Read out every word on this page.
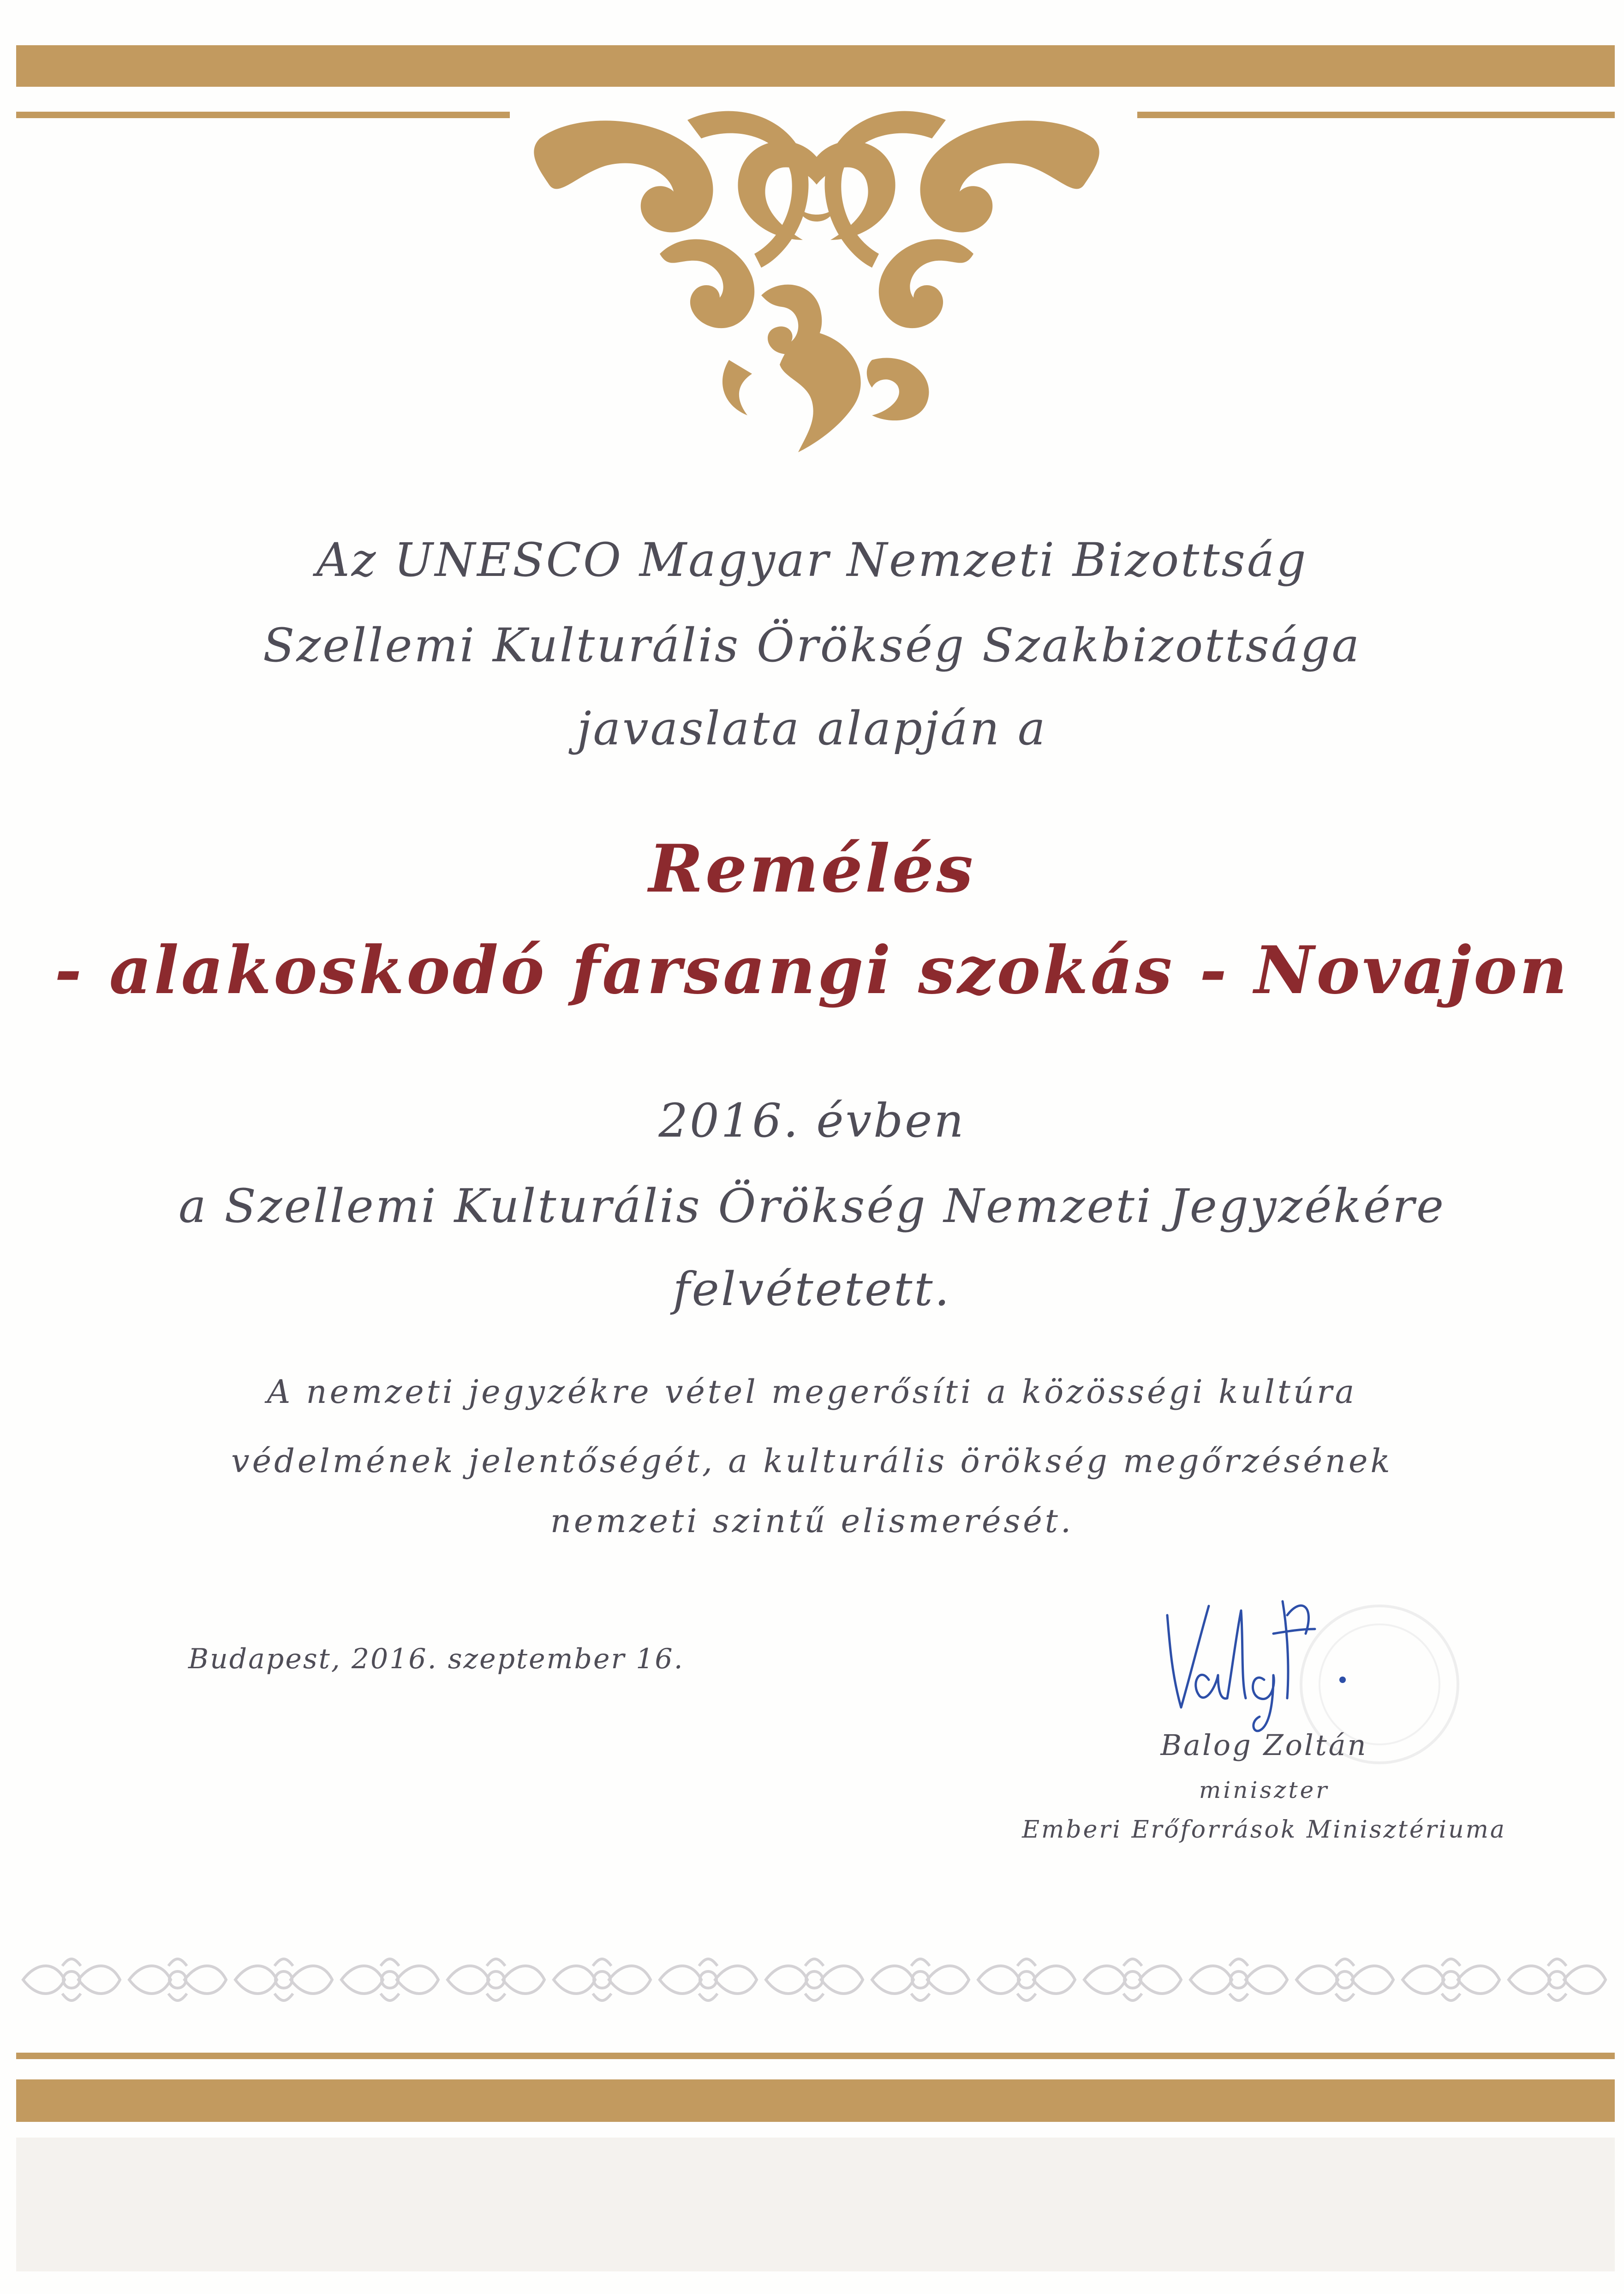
Az UNESCO Magyar Nemzeti Bizottság
Szellemi Kulturális Örökség Szakbizottsága
javaslata alapján a
Remélés
- alakoskodó farsangi szokás - Novajon
2016. évben
a Szellemi Kulturális Örökség Nemzeti Jegyzékére
felvétetett.
A nemzeti jegyzékre vétel megerősíti a közösségi kultúra
védelmének jelentőségét, a kulturális örökség megőrzésének
nemzeti szintű elismerését.
Budapest, 2016. szeptember 16.
Balog Zoltán
miniszter
Emberi Erőforrások Minisztériuma
